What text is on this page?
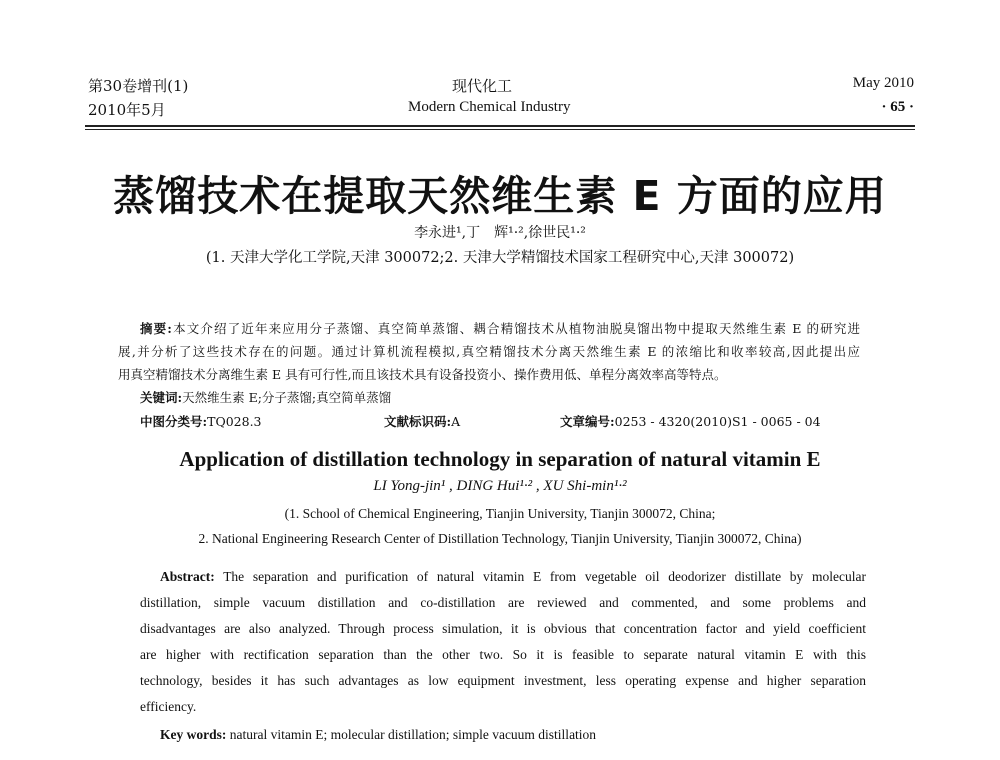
第30卷增刊(1)
2010年5月
现代化工
Modern Chemical Industry
May 2010
· 65 ·
蒸馏技术在提取天然维生素 E 方面的应用
李永进¹,丁　辉¹·²,徐世民¹·²
(1. 天津大学化工学院,天津 300072;2. 天津大学精馏技术国家工程研究中心,天津 300072)
摘要:本文介绍了近年来应用分子蒸馏、真空简单蒸馏、耦合精馏技术从植物油脱臭馏出物中提取天然维生素 E 的研究进
展,并分析了这些技术存在的问题。通过计算机流程模拟,真空精馏技术分离天然维生素 E 的浓缩比和收率较高,因此提出应
用真空精馏技术分离维生素 E 具有可行性,而且该技术具有设备投资小、操作费用低、单程分离效率高等特点。
关键词:天然维生素 E;分子蒸馏;真空简单蒸馏
中图分类号:TQ028.3	文献标识码:A	文章编号:0253 - 4320(2010)S1 - 0065 - 04
Application of distillation technology in separation of natural vitamin E
LI Yong-jin¹ , DING Hui¹·² , XU Shi-min¹·²
(1. School of Chemical Engineering, Tianjin University, Tianjin 300072, China;
2. National Engineering Research Center of Distillation Technology, Tianjin University, Tianjin 300072, China)
Abstract: The separation and purification of natural vitamin E from vegetable oil deodorizer distillate by molecular
distillation, simple vacuum distillation and co-distillation are reviewed and commented, and some problems and
disadvantages are also analyzed. Through process simulation, it is obvious that concentration factor and yield coefficient
are higher with rectification separation than the other two. So it is feasible to separate natural vitamin E with this
technology, besides it has such advantages as low equipment investment, less operating expense and higher separation
efficiency.
Key words: natural vitamin E; molecular distillation; simple vacuum distillation
